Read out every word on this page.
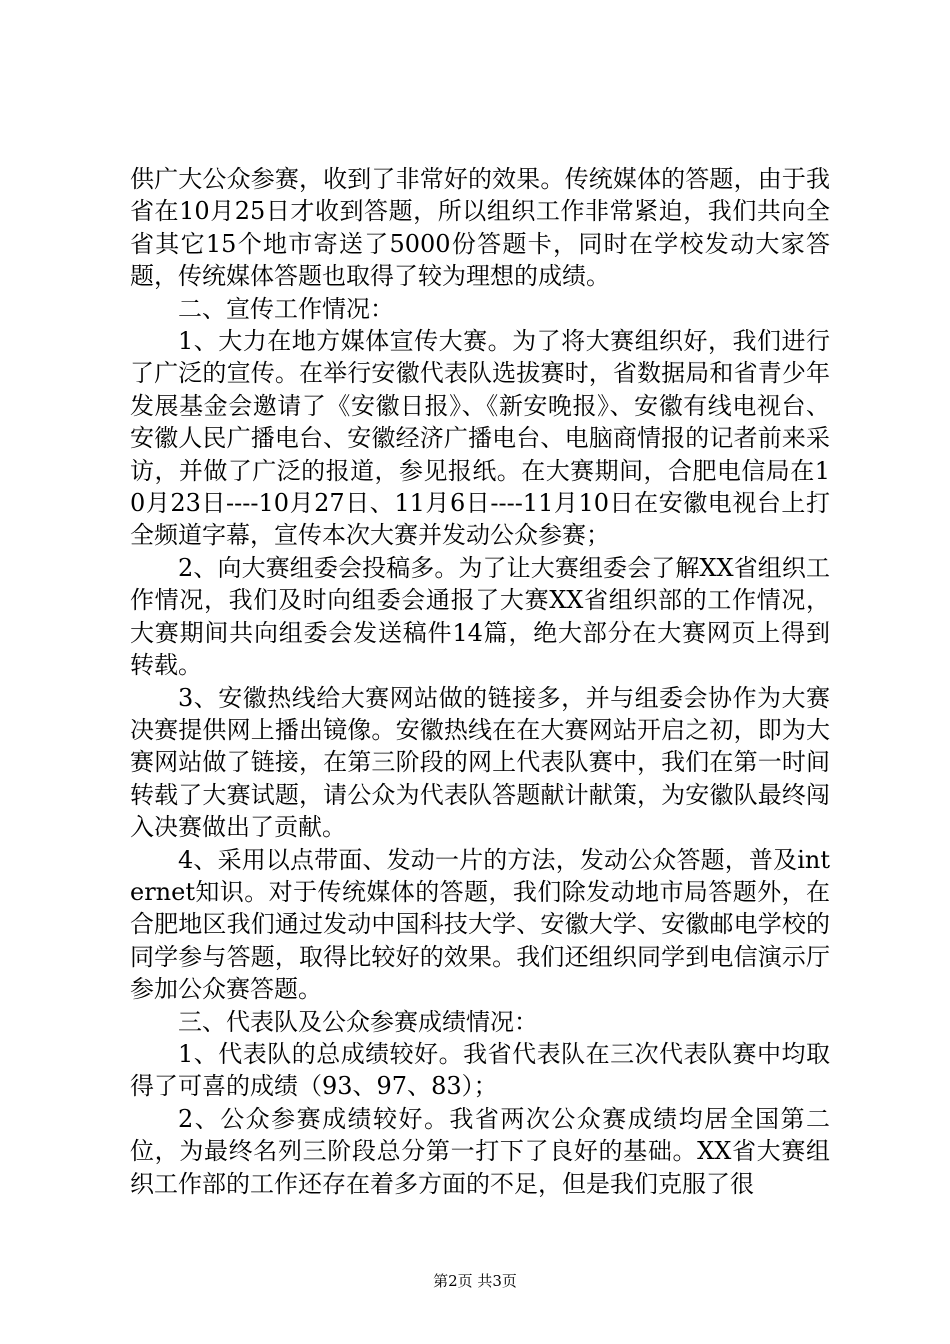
供广大公众参赛，收到了非常好的效果。传统媒体的答题，由于我省在10月25日才收到答题，所以组织工作非常紧迫，我们共向全省其它15个地市寄送了5000份答题卡，同时在学校发动大家答题，传统媒体答题也取得了较为理想的成绩。

二、宣传工作情况：

1、大力在地方媒体宣传大赛。为了将大赛组织好，我们进行了广泛的宣传。在举行安徽代表队选拔赛时，省数据局和省青少年发展基金会邀请了《安徽日报》、《新安晚报》、安徽有线电视台、安徽人民广播电台、安徽经济广播电台、电脑商情报的记者前来采访，并做了广泛的报道，参见报纸。在大赛期间，合肥电信局在10月23日----10月27日、11月6日----11月10日在安徽电视台上打全频道字幕，宣传本次大赛并发动公众参赛；

2、向大赛组委会投稿多。为了让大赛组委会了解XX省组织工作情况，我们及时向组委会通报了大赛XX省组织部的工作情况，大赛期间共向组委会发送稿件14篇，绝大部分在大赛网页上得到转载。

3、安徽热线给大赛网站做的链接多，并与组委会协作为大赛决赛提供网上播出镜像。安徽热线在在大赛网站开启之初，即为大赛网站做了链接，在第三阶段的网上代表队赛中，我们在第一时间转载了大赛试题，请公众为代表队答题献计献策，为安徽队最终闯入决赛做出了贡献。

4、采用以点带面、发动一片的方法，发动公众答题，普及internet知识。对于传统媒体的答题，我们除发动地市局答题外，在合肥地区我们通过发动中国科技大学、安徽大学、安徽邮电学校的同学参与答题，取得比较好的效果。我们还组织同学到电信演示厅参加公众赛答题。

三、代表队及公众参赛成绩情况：

1、代表队的总成绩较好。我省代表队在三次代表队赛中均取得了可喜的成绩（93、97、83）；

2、公众参赛成绩较好。我省两次公众赛成绩均居全国第二位，为最终名列三阶段总分第一打下了良好的基础。XX省大赛组织工作部的工作还存在着多方面的不足，但是我们克服了很

第2页 共3页
